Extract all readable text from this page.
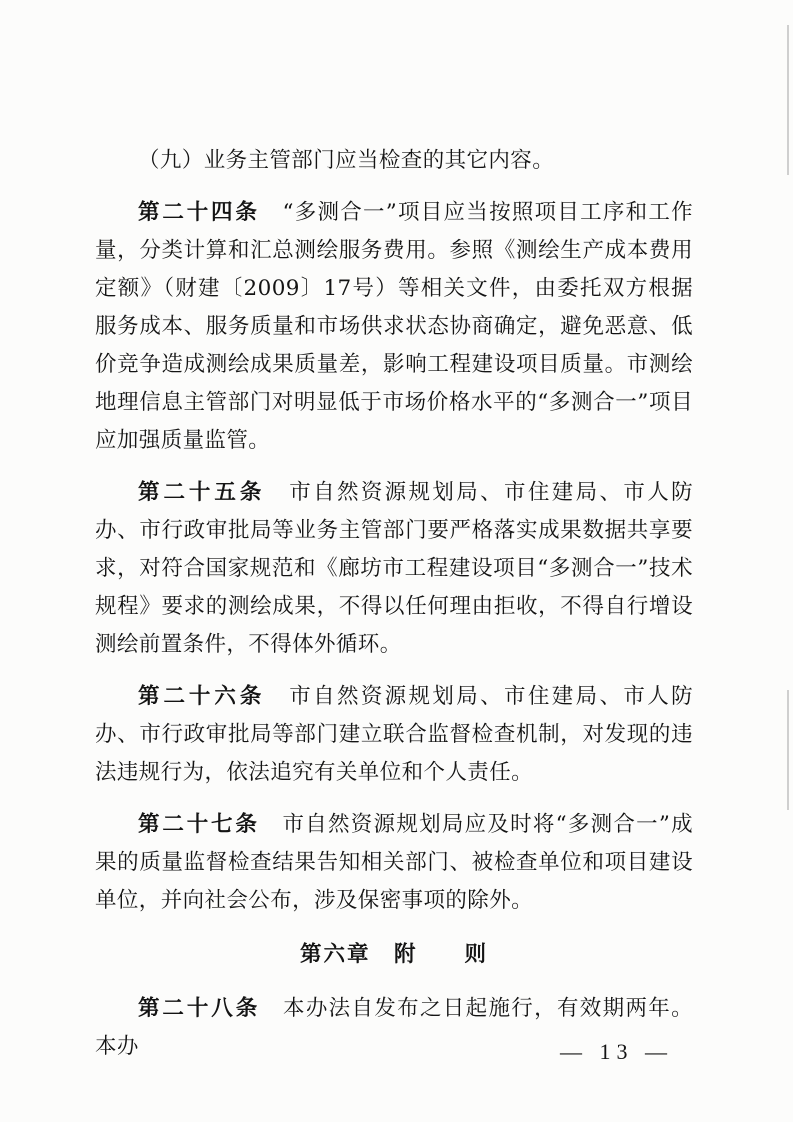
（九）业务主管部门应当检查的其它内容。

第二十四条　 “多测合一”项目应当按照项目工序和工作量，分类计算和汇总测绘服务费用。参照《测绘生产成本费用定额》（财建〔2009〕17号）等相关文件，由委托双方根据服务成本、服务质量和市场供求状态协商确定，避免恶意、低价竞争造成测绘成果质量差，影响工程建设项目质量。市测绘地理信息主管部门对明显低于市场价格水平的“多测合一”项目应加强质量监管。

第二十五条　 市自然资源规划局、市住建局、市人防办、市行政审批局等业务主管部门要严格落实成果数据共享要求，对符合国家规范和《廊坊市工程建设项目“多测合一”技术规程》要求的测绘成果，不得以任何理由拒收，不得自行增设测绘前置条件，不得体外循环。

第二十六条　 市自然资源规划局、市住建局、市人防办、市行政审批局等部门建立联合监督检查机制，对发现的违法违规行为，依法追究有关单位和个人责任。

第二十七条　 市自然资源规划局应及时将“多测合一”成果的质量监督检查结果告知相关部门、被检查单位和项目建设单位，并向社会公布，涉及保密事项的除外。

第六章　附　　则

第二十八条　 本办法自发布之日起施行，有效期两年。本办	— 13 —
